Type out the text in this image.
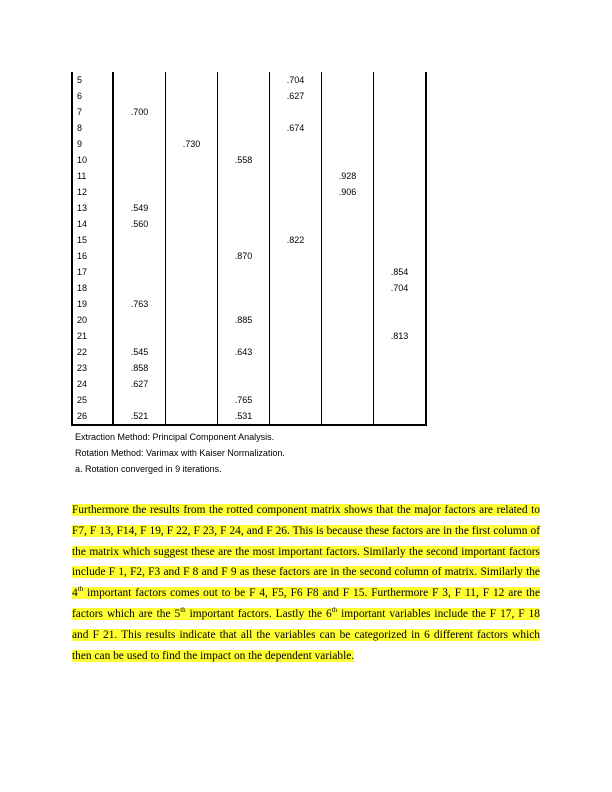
5				.704		
6				.627		
7	.700					
8				.674		
9		.730				
10			.558			
11					.928	
12					.906	
13	.549					
14	.560					
15				.822		
16			.870			
17						.854
18						.704
19	.763					
20			.885			
21						.813
22	.545		.643			
23	.858					
24	.627					
25			.765			
26	.521		.531			
Extraction Method: Principal Component Analysis.
Rotation Method: Varimax with Kaiser Normalization.
a. Rotation converged in 9 iterations.

Furthermore the results from the rotted component matrix shows that the major factors are related to F7, F 13, F14, F 19, F 22, F 23, F 24, and F 26. This is because these factors are in the first column of the matrix which suggest these are the most important factors. Similarly the second important factors include F 1, F2, F3 and F 8 and F 9 as these factors are in the second column of matrix. Similarly the 4th important factors comes out to be F 4, F5, F6 F8 and F 15. Furthermore F 3, F 11, F 12 are the factors which are the 5th important factors. Lastly the 6th important variables include the F 17, F 18 and F 21. This results indicate that all the variables can be categorized in 6 different factors which then can be used to find the impact on the dependent variable.
